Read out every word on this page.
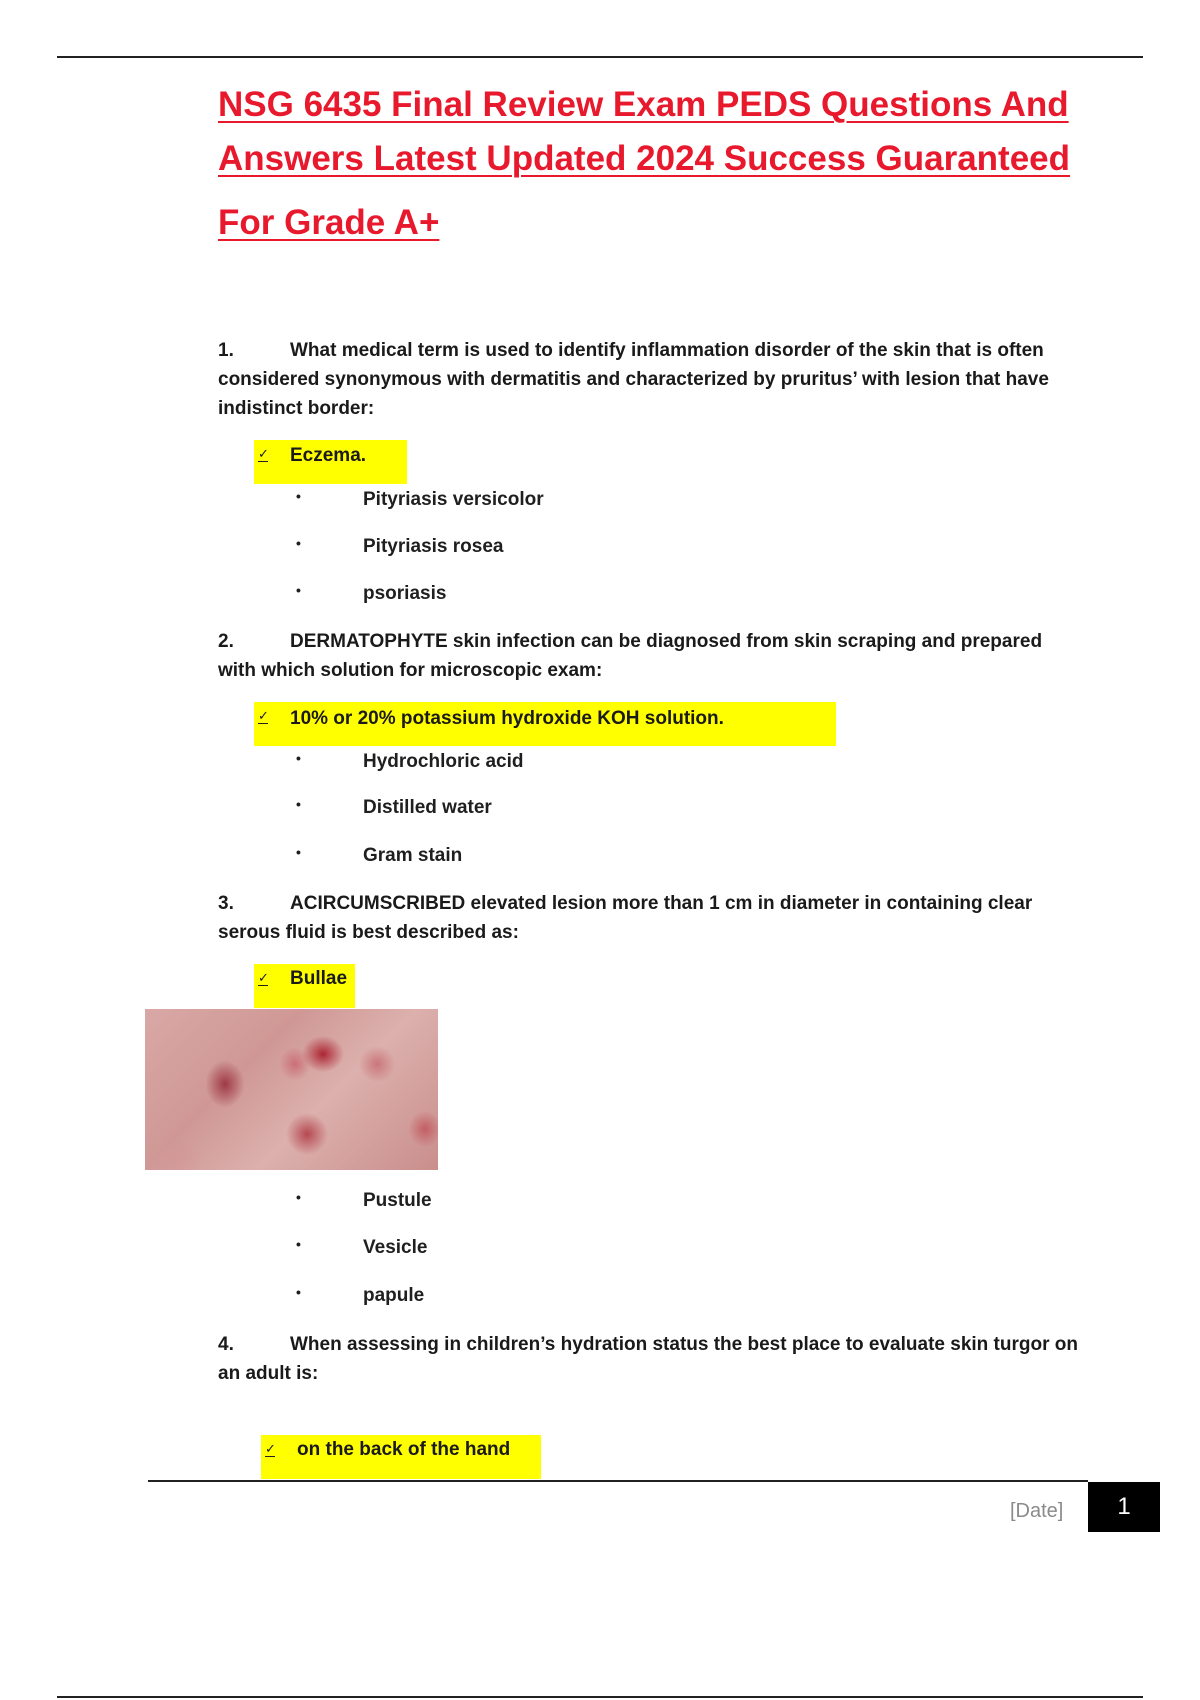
NSG 6435 Final Review Exam PEDS Questions And
Answers Latest Updated 2024 Success Guaranteed
For Grade A+

1.	What medical term is used to identify inflammation disorder of the skin that is often considered synonymous with dermatitis and characterized by pruritus’ with lesion that have indistinct border:

✓ Eczema.
•	Pityriasis versicolor
•	Pityriasis rosea
•	psoriasis

2.	DERMATOPHYTE skin infection can be diagnosed from skin scraping and prepared with which solution for microscopic exam:

✓ 10% or 20% potassium hydroxide KOH solution.
•	Hydrochloric acid
•	Distilled water
•	Gram stain

3.	ACIRCUMSCRIBED elevated lesion more than 1 cm in diameter in containing clear serous fluid is best described as:

✓ Bullae
•	Pustule
•	Vesicle
•	papule

4.	When assessing in children’s hydration status the best place to evaluate skin turgor on an adult is:

✓ on the back of the hand
[Date]	1
